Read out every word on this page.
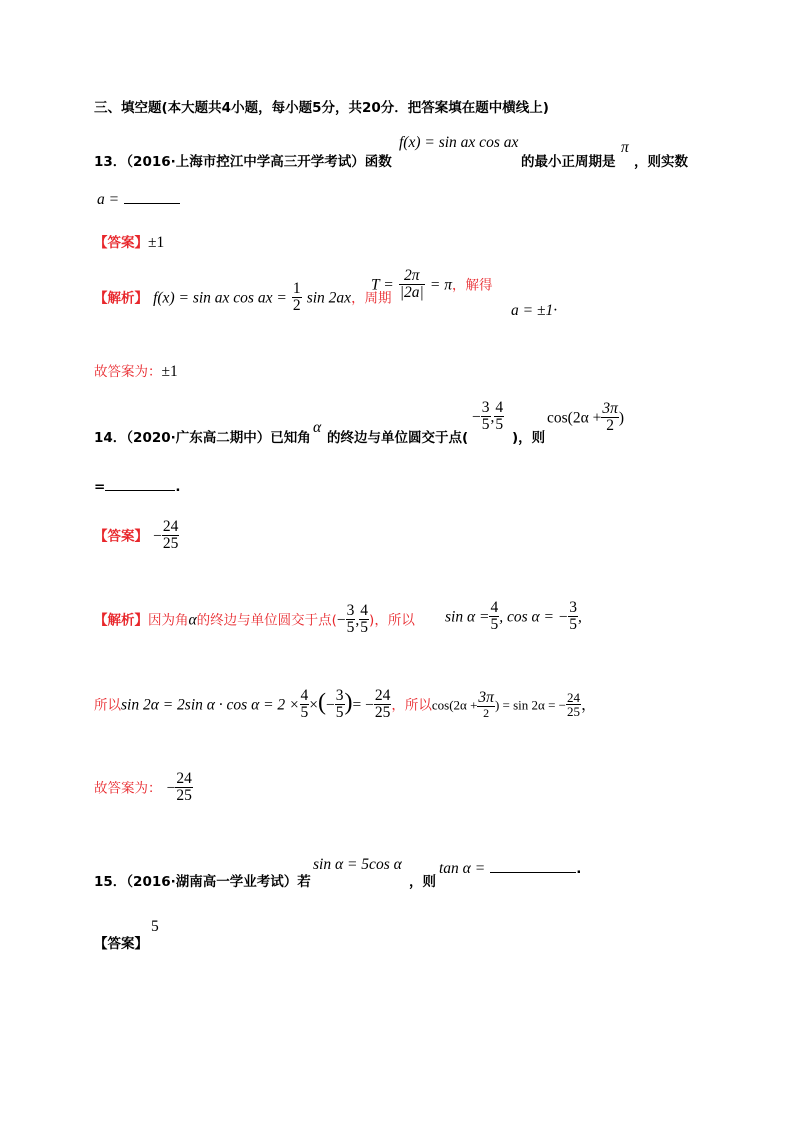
三、填空题(本大题共4小题，每小题5分，共20分．把答案填在题中横线上)
13．（2016·上海市控江中学高三开学考试）函数
f(x) = sin ax cos ax
的最小正周期是
π
，则实数
a =
【答案】±1
【解析】 f(x) = sin ax cos ax = $\frac{1}{2}$ sin 2ax，周期
$T = \frac{2\pi}{|2a|} = \pi$，解得
a = ±1·
故答案为：±1
14．（2020·广东高二期中）已知角
α
的终边与单位圆交于点(
− $\frac{3}{5}$ , $\frac{4}{5}$
)，则
$\cos(2\alpha + \frac{3\pi}{2}$ )
=	.
【答案】 − $\frac{24}{25}$
【解析】因为角α的终边与单位圆交于点(− $\frac{3}{5}$ , $\frac{4}{5}$ )，所以 $\sin \alpha = \frac{4}{5}$ , cos α = − $\frac{3}{5}$ ,
所以sin 2α = 2sin $\alpha \cdot \cos \alpha = 2 \times \frac{4}{5}$ ×(− $\frac{3}{5}$ )= − $\frac{24}{25}$ ，所以$\cos(2\alpha + \frac{3\pi}{2}$ ) = sin 2α = − $\frac{24}{25}$ ，
故答案为： − $\frac{24}{25}$
15．（2016·湖南高一学业考试）若
sin α = 5cos α
，则
tan α =	.
【答案】
5
